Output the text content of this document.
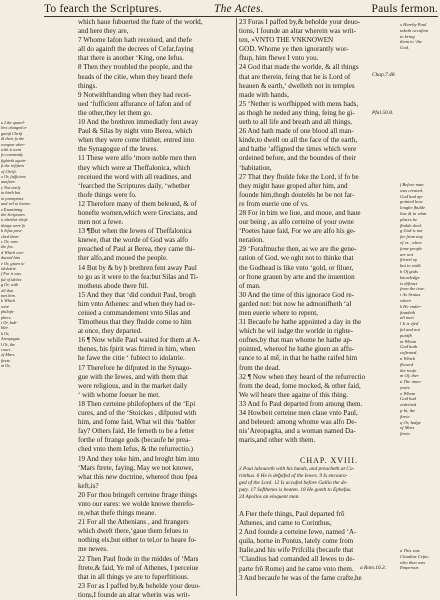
To fearch the Scriptures.	The Actes.	Pauls fermon.
u Like quarel-
lers charged a-
gainft Chrift
& their fo the
weapon wher-
with it went
fo commonly
fighteth again-
ft the refifters
of Chrift.
x Or, fufficient
aunfwer.
y Not onely
in birth but
in promptnes
and wil to learne.
z Examining
the Scriptures
u whether thofe
things were fo
b Iefus prea-
ched them
c Or, vnto
the fea.
d Which con-
ducted him
e Or, giuen to
idolatrie.
f For it was
ful of idoles
g Or, with
all that
met him.
h Which
were
philofo-
phers.
i Or, bab-
bler.
k Or,
Areopagus.
l Ot, the
court
of Mars
ftrete.
m Or,
which haue fubuerted the ftate of the world,
and here they are,
7 Whome Iafon hath receiued, and thefe
all do againft the decrees of Cefar,faying
that there is another ‘King, one Iefus.
8 Then they troubled the people, and the
heads of the citie, when they heard thefe
things.
9 Notwithftanding when they had recei-
ued ‘fufficient affurance of Iafon and of
the other,they let them go.
10 And the brethren immediatly fent away
Paul & Silas by night vnto Berea, which
when they were come thither, entred into
the Synagogue of the Iewes.
11 These were alfo ‘more noble men then
they which were at Theffalonica, which
receiued the word with all readines, and
‘fearched the Scriptures daily, ‘whether
thofe things were fo.
12 Therefore many of them beleued, & of
honefte women,which were Grecians, and
men not a fewe.
13 ¶But when the Iewes of Theffalonica
knewe, that the worde of God was alfo
preached of Paul at Berea, they came thi-
ther alfo,and moued the people.
14 But by & by þ brethren fent away Paul
to go as it were to the fea:but Silas and Ti-
motheus abode there ftil.
15 And they that ‘did conduit Paul, brogh
him vnto Athenes: and when they had re-
ceiued a commandement vnto Silas and
Timotheus that they fhulde come to him
at once, they departed.
16 ¶ Now while Paul waited for them at A-
thenes, his fpirit was ftirred in him, when
he fawe the citie ‘ fubiect to idolatrie.
17 Therefore he difputed in the Synago-
gue with the Iewes, and with them that
were religious, and in the market daily
‘ with whome foeuer he met.
18 Then certeine philofophers of the ‘Epi
cures, and of the ‘Stoickes , difputed with
him, and fome faid, What wil this ‘babler
fay? Others faid, He femeth to be a fetter
forthe of ftrange gods (becaufe he prea-
ched vnto them Iefus, & the refurrectio.)
19 And they toke him, and broght him into
‘Mars ftrete, faying, May we not knowe,
what this new doctrine, whereof thou fpea
keft,is?
20 For thou bringeft certeine ftrage things
vnto our eares: we wolde knowe therefo-
re,what thefe things meane.
21 For all the Athenians , and ftrangers
which dwelt there,‘gaue them felues to
nothing els,but either to tel,or to heare fo-
me newes.
22 Then Paul ftode in the middes of ‘Mars
ftrete,& faid, Ye mē of Athenes, I perceiue
that in all things ye are to fuperftitious.
23 For as I paffed by,& behelde your deuo-
tions,I founde an altar wherin was writ-
23 Foras I paffed by,& beholde your deuo-
tions, I founde an altar wherein was writ-
ten, »VNTO THE VNKNOWEN
GOD. Whome ye then ignorantly wor-
fhup, him fhewe I vnto you.
24 God that made the worlde, & all things
that are therein, feing that he is Lord of
heauen & earth,‘ dwelleth not in temples
made with hands,
25 ‘Nether is worfhipped with mens hads,
as thogh he neded any thing, feing he gi-
ueth to all life and breath and all things,
26 And hath made of one blood all man-
kinde,to dwell on all the face of the earth,
and hathe ‘affigned the times which were
ordeined before, and the boundes of their
‘habitation,
27 That they fhulde feke the Lord, if fo be
they might haue groped after him, and
founde him,thogh doutelés he be not far-
re from euerie one of vs.
28 For in him we liue, and moue, and haue
our being , as alfo certeine of your owne
‘Poetes haue faid, For we are alfo his ge-
neration.
29 ‘Forafmuche then, as we are the gene-
ration of God, we oght not to thinke that
the Godhead is like vnto ‘gold, or filuer,
or ftone grauen by arte and the inuention
of man.
30 And the time of this ignorace God re-
garded not: but now he admonifheth ‘al
men euerie where to repent,
31 Becaufe he hathe appointed a day in the
which he wil iudge the worlde in righte-
oufnes,by that man whome he hathe ap-
pointed, whereof he hathe giuen an affu-
rance to al mē, in that he hathe raifed him
from the dead.
32 ¶ Now when they heard of the refurrectio
from the dead, fome mocked, & other faid,
We wil heare thee againe of this thing.
33 And fo Paul departed from among them.
34 Howbeit certeine men claue vnto Paul,
and beleued: among whome was alfo De-
nis’Areopagita, and a woman named Da-
maris,and other with them.
x Hereby Paul
taketh occafion
to bring
them to ‘the
God.
f Before man
was created,
God had ap-
pointed how
longhe fhulde
liue & in what
places he
fhulde dwel.
g God is not
far from any
of vs , when
fome people
are not
ftirred vp
but to walk.
h Of gods
knowledge
is diftinct
from the true.
i As Aratus
where.
k He vnder-
ftandeth
all men
l It is vfed
ful and not
punifh
m Whom
God hath
cofirmed.
n Which
fhewed
the reafo
m Of, ther
n The inner
yeare
o Whom
God had
ordeined
p In, the
ftrete.
q Or, Iudge
of Mars
ftrete.
a This was
Claudius Cefar,
who then was
Emperour.
Chap.7.48.
Pfal.50.8.
a Rom.16.3.
CHAP. XVIII.
3 Paul laboureth with his hands, and preacheth at Co-
rinthus. 6 He is defpifed of the Iewes. 9 Is encoura-
ged of the Lord. 12 Is accufed before Gallio the de-
puty. 17 Softhenes is beaten. 18 He goeth to Ephefus.
24 Apollos an eloquent man.
A Fter thefe things, Paul departed frō
Athenes, and came to Corinthus,
2 And founde a certeine Iewe, named ‘A-
quila, borne in Pontus, lately come from
Italie,and his wife Prifcilla (becaufe that
‘Claudius had comanded all Iewes to de-
parte frō Rome) and he came vnto them.
3 And becaufe he was of the fame crafte,he
